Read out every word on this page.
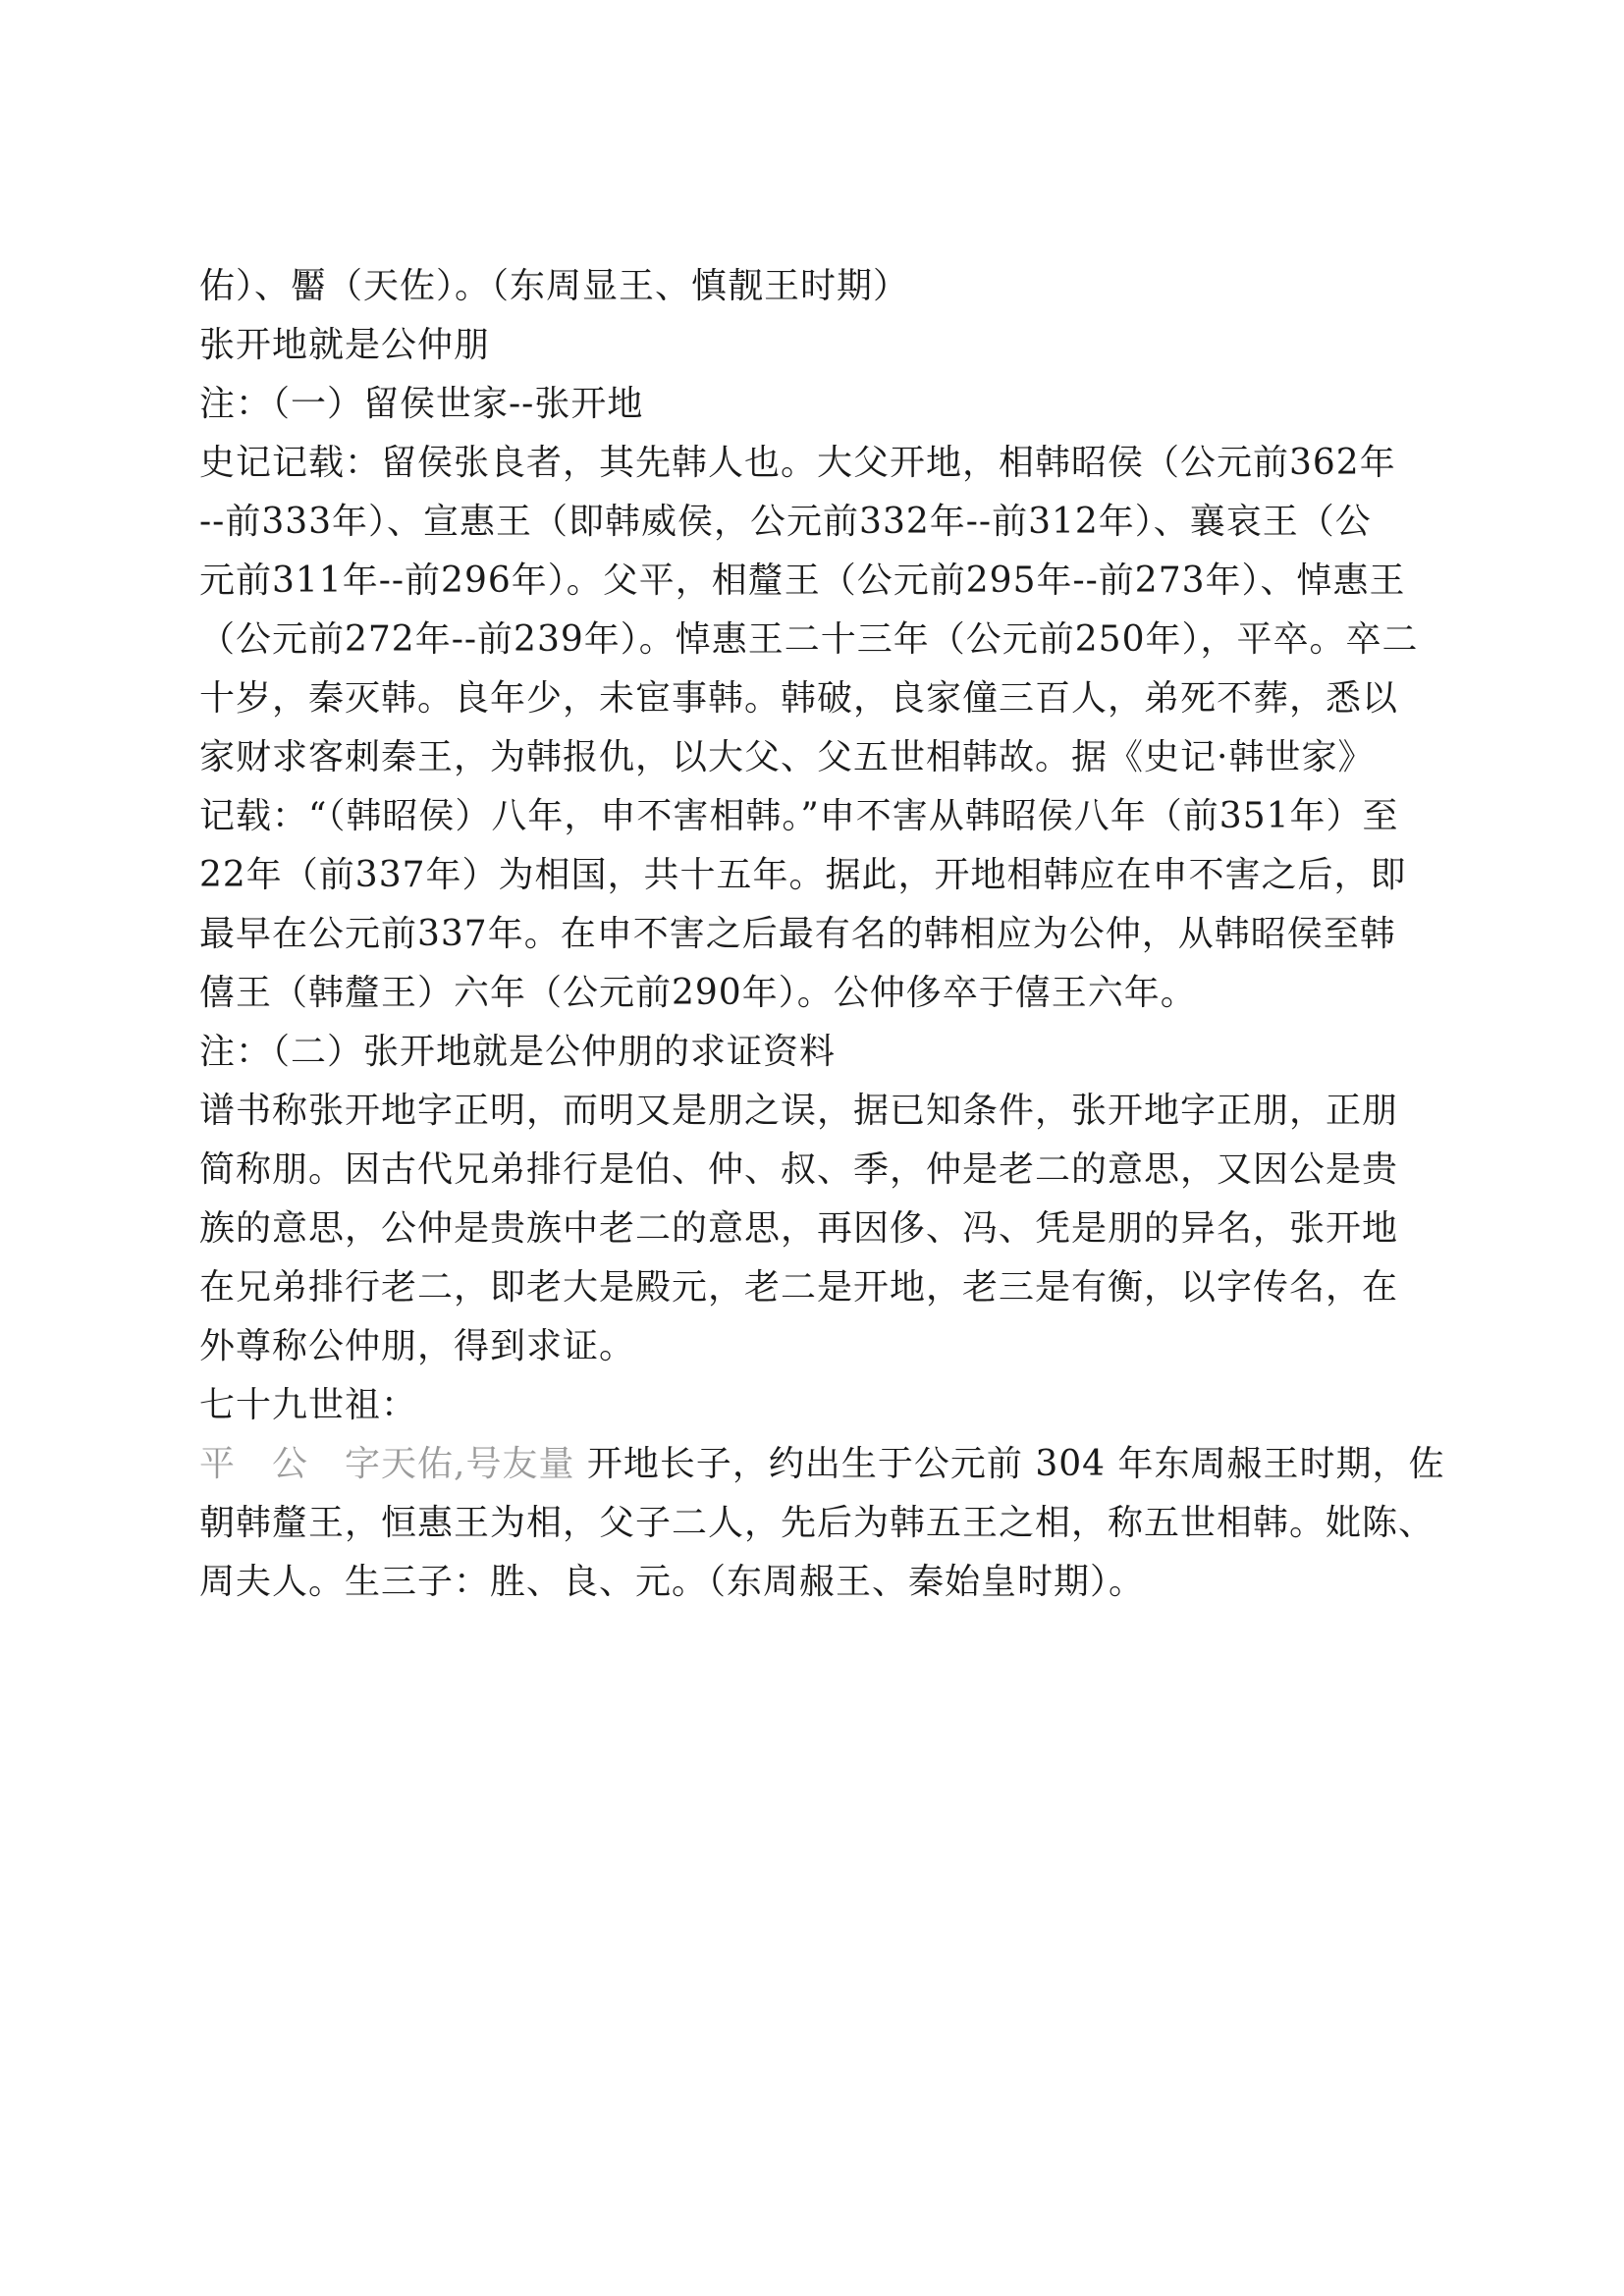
佑）、靨（天佐）。（东周显王、慎靓王时期）
张开地就是公仲朋
注：（一）留侯世家--张开地
史记记载：留侯张良者，其先韩人也。大父开地，相韩昭侯（公元前362年
--前333年）、宣惠王（即韩威侯，公元前332年--前312年）、襄哀王（公
元前311年--前296年）。父平，相釐王（公元前295年--前273年）、悼惠王
（公元前272年--前239年）。悼惠王二十三年（公元前250年），平卒。卒二
十岁，秦灭韩。良年少，未宦事韩。韩破，良家僮三百人，弟死不葬，悉以
家财求客刺秦王，为韩报仇，以大父、父五世相韩故。据《史记·韩世家》
记载：“（韩昭侯）八年，申不害相韩。”申不害从韩昭侯八年（前351年）至
22年（前337年）为相国，共十五年。据此，开地相韩应在申不害之后，即
最早在公元前337年。在申不害之后最有名的韩相应为公仲，从韩昭侯至韩
僖王（韩釐王）六年（公元前290年）。公仲侈卒于僖王六年。
注：（二）张开地就是公仲朋的求证资料
谱书称张开地字正明，而明又是朋之误，据已知条件，张开地字正朋，正朋
简称朋。因古代兄弟排行是伯、仲、叔、季，仲是老二的意思，又因公是贵
族的意思，公仲是贵族中老二的意思，再因侈、冯、凭是朋的异名，张开地
在兄弟排行老二，即老大是殿元，老二是开地，老三是有衡，以字传名，在
外尊称公仲朋，得到求证。
七十九世祖：
平　公　字天佑,号友量 开地长子，约出生于公元前 304 年东周赧王时期，佐
朝韩釐王，恒惠王为相，父子二人，先后为韩五王之相，称五世相韩。妣陈、
周夫人。生三子：胜、良、元。（东周赧王、秦始皇时期）。
